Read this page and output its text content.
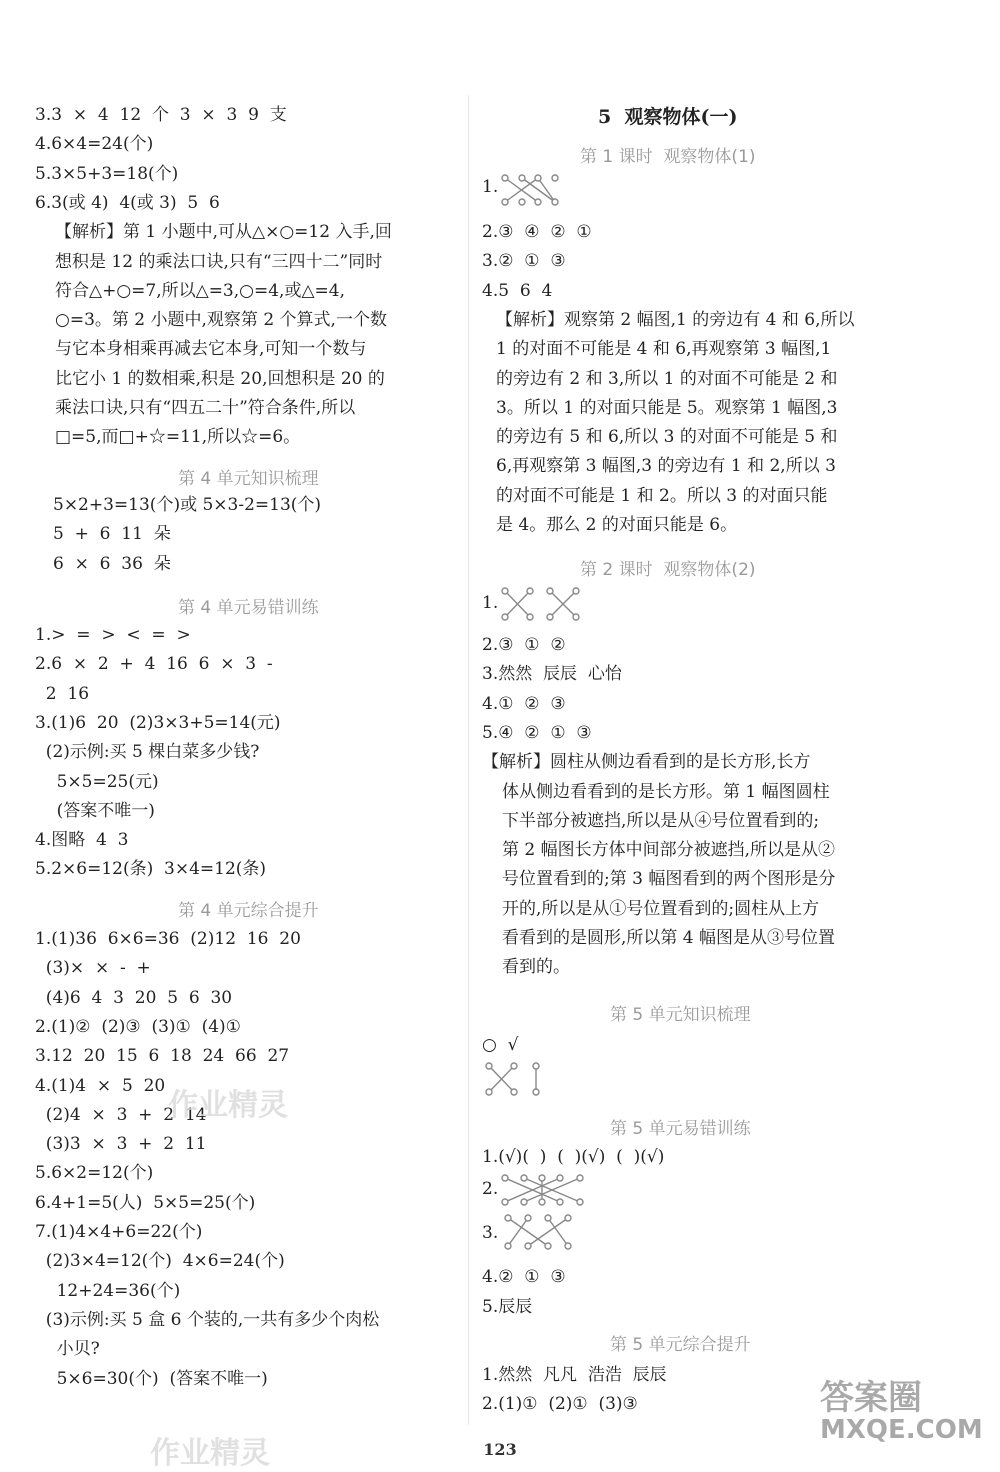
3.3  ×  4  12  个  3  ×  3  9  支
4.6×4=24(个)
5.3×5+3=18(个)
6.3(或 4)  4(或 3)  5  6
【解析】第 1 小题中,可从△×○=12 入手,回
想积是 12 的乘法口诀,只有“三四十二”同时
符合△+○=7,所以△=3,○=4,或△=4,
○=3。第 2 小题中,观察第 2 个算式,一个数
与它本身相乘再减去它本身,可知一个数与
比它小 1 的数相乘,积是 20,回想积是 20 的
乘法口诀,只有“四五二十”符合条件,所以
□=5,而□+☆=11,所以☆=6。
第 4 单元知识梳理
5×2+3=13(个)或 5×3-2=13(个)
5  +  6  11  朵
6  ×  6  36  朵
第 4 单元易错训练
1.>  =  >  <  =  >
2.6  ×  2  +  4  16  6  ×  3  -
2  16
3.(1)6  20  (2)3×3+5=14(元)
(2)示例:买 5 棵白菜多少钱?
5×5=25(元)
(答案不唯一)
4.图略  4  3
5.2×6=12(条)  3×4=12(条)
第 4 单元综合提升
1.(1)36  6×6=36  (2)12  16  20
(3)×  ×  -  +
(4)6  4  3  20  5  6  30
2.(1)②  (2)③  (3)①  (4)①
3.12  20  15  6  18  24  66  27
4.(1)4  ×  5  20
(2)4  ×  3  +  2  14
(3)3  ×  3  +  2  11
5.6×2=12(个)
6.4+1=5(人)  5×5=25(个)
7.(1)4×4+6=22(个)
(2)3×4=12(个)  4×6=24(个)
12+24=36(个)
(3)示例:买 5 盒 6 个装的,一共有多少个肉松
小贝?
5×6=30(个)  (答案不唯一)
5  观察物体(一)
第 1 课时  观察物体(1)
1.
2.③  ④  ②  ①
3.②  ①  ③
4.5  6  4
【解析】观察第 2 幅图,1 的旁边有 4 和 6,所以
1 的对面不可能是 4 和 6,再观察第 3 幅图,1
的旁边有 2 和 3,所以 1 的对面不可能是 2 和
3。所以 1 的对面只能是 5。观察第 1 幅图,3
的旁边有 5 和 6,所以 3 的对面不可能是 5 和
6,再观察第 3 幅图,3 的旁边有 1 和 2,所以 3
的对面不可能是 1 和 2。所以 3 的对面只能
是 4。那么 2 的对面只能是 6。
第 2 课时  观察物体(2)
1.
2.③  ①  ②
3.然然  辰辰  心怡
4.①  ②  ③
5.④  ②  ①  ③
【解析】圆柱从侧边看看到的是长方形,长方
体从侧边看看到的是长方形。第 1 幅图圆柱
下半部分被遮挡,所以是从④号位置看到的;
第 2 幅图长方体中间部分被遮挡,所以是从②
号位置看到的;第 3 幅图看到的两个图形是分
开的,所以是从①号位置看到的;圆柱从上方
看看到的是圆形,所以第 4 幅图是从③号位置
看到的。
第 5 单元知识梳理
○  √
第 5 单元易错训练
1.(√)(  )  (  )(√)  (  )(√)
2.
3.
4.②  ①  ③
5.辰辰
第 5 单元综合提升
1.然然  凡凡  浩浩  辰辰
2.(1)①  (2)①  (3)③
作业精灵
作业精灵
答案圈
MXQE.COM
123
